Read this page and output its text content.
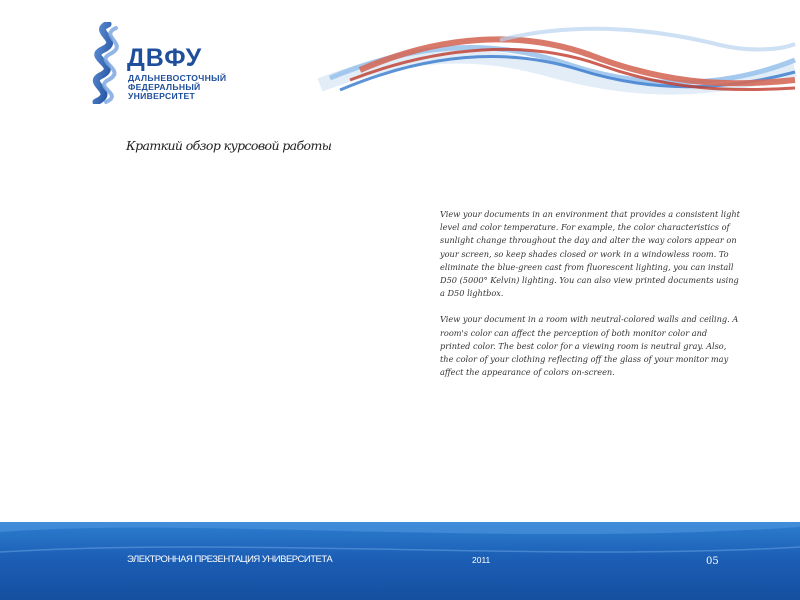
ДВФУ
ДАЛЬНЕВОСТОЧНЫЙ
ФЕДЕРАЛЬНЫЙ
УНИВЕРСИТЕТ
Краткий обзор курсовой работы

View your documents in an environment that provides a consistent light level and color temperature. For example, the color characteristics of sunlight change throughout the day and alter the way colors appear on your screen, so keep shades closed or work in a windowless room. To eliminate the blue-green cast from fluorescent lighting, you can install D50 (5000° Kelvin) lighting. You can also view printed documents using a D50 lightbox.

View your document in a room with neutral-colored walls and ceiling. A room's color can affect the perception of both monitor color and printed color. The best color for a viewing room is neutral gray. Also, the color of your clothing reflecting off the glass of your monitor may affect the appearance of colors on-screen.

ЭЛЕКТРОННАЯ ПРЕЗЕНТАЦИЯ УНИВЕРСИТЕТА	2011	05
